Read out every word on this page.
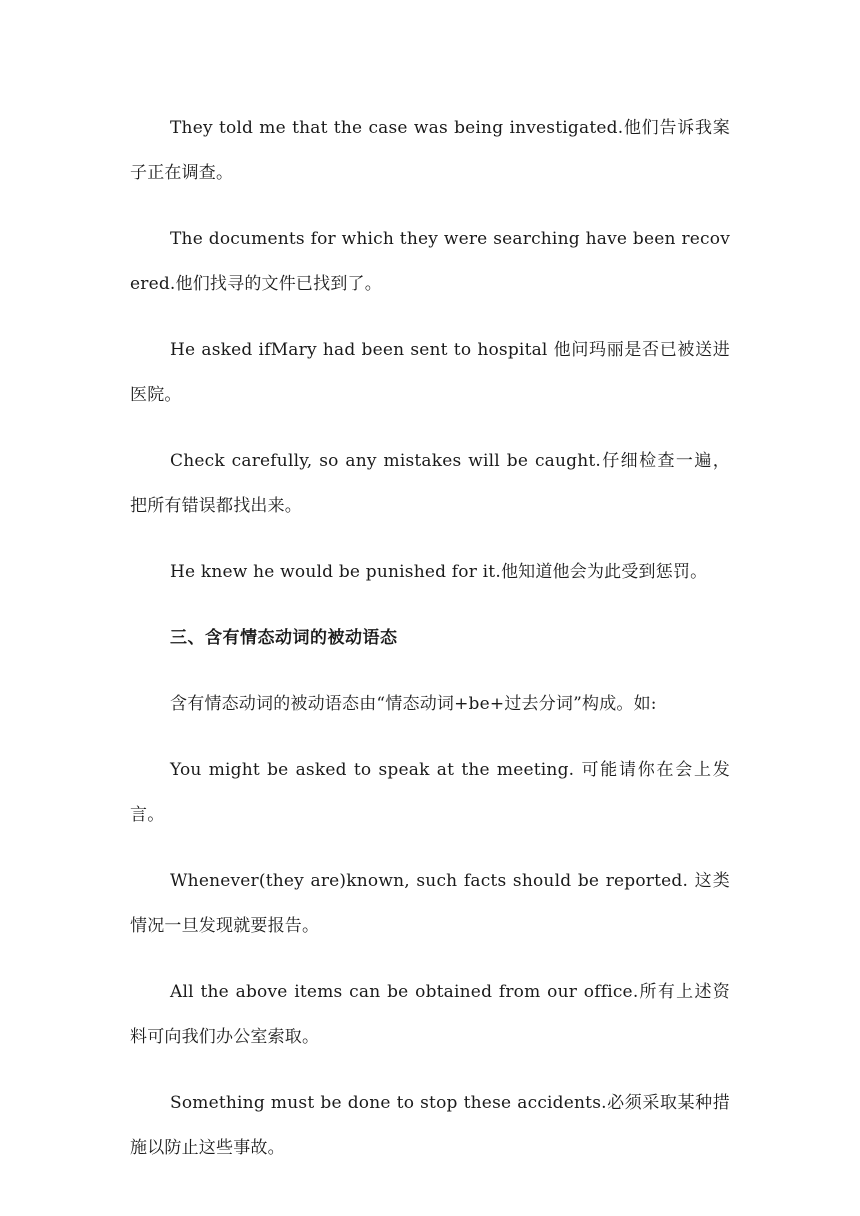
They told me that the case was being investigated.他们告诉我案子正在调查。

The documents for which they were searching have been recovered.他们找寻的文件已找到了。

He asked ifMary had been sent to hospital 他问玛丽是否已被送进医院。

Check carefully, so any mistakes will be caught.仔细检查一遍，把所有错误都找出来。

He knew he would be punished for it.他知道他会为此受到惩罚。

三、含有情态动词的被动语态

含有情态动词的被动语态由“情态动词+be+过去分词”构成。如:

You might be asked to speak at the meeting. 可能请你在会上发言。

Whenever(they are)known, such facts should be reported. 这类情况一旦发现就要报告。

All the above items can be obtained from our office.所有上述资料可向我们办公室索取。

Something must be done to stop these accidents.必须采取某种措施以防止这些事故。
